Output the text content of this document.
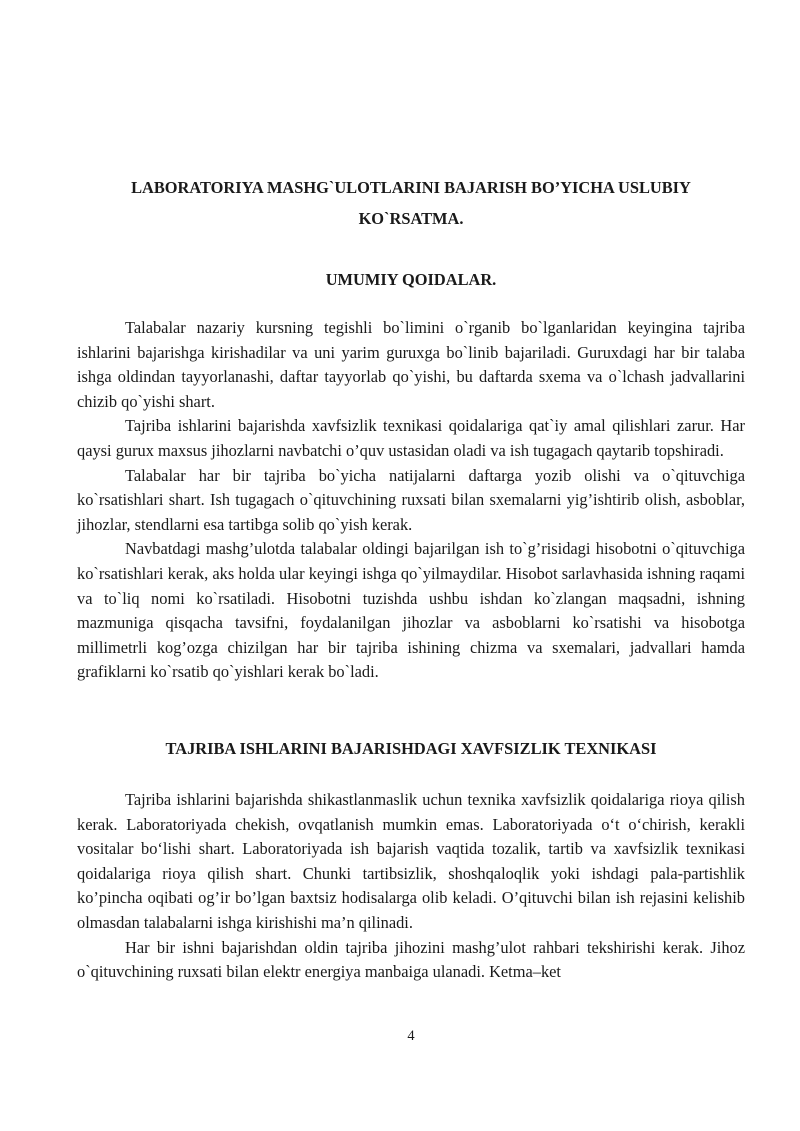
LABORATORIYA MASHG`ULOTLARINI BAJARISH BO’YICHA USLUBIY
KO`RSATMA.
UMUMIY QOIDALAR.

Talabalar nazariy kursning tegishli bo`limini o`rganib bo`lganlaridan keyingina tajriba ishlarini bajarishga kirishadilar va uni yarim guruxga bo`linib bajariladi. Guruxdagi har bir talaba ishga oldindan tayyorlanashi, daftar tayyorlab qo`yishi, bu daftarda sxema va o`lchash jadvallarini chizib qo`yishi shart.

Tajriba ishlarini bajarishda xavfsizlik texnikasi qoidalariga qat`iy amal qilishlari zarur. Har qaysi gurux maxsus jihozlarni navbatchi o’quv ustasidan oladi va ish tugagach qaytarib topshiradi.

Talabalar har bir tajriba bo`yicha natijalarni daftarga yozib olishi va o`qituvchiga ko`rsatishlari shart. Ish tugagach o`qituvchining ruxsati bilan sxemalarni yig’ishtirib olish, asboblar, jihozlar, stendlarni esa tartibga solib qo`yish kerak.

Navbatdagi mashg’ulotda talabalar oldingi bajarilgan ish to`g’risidagi hisobotni o`qituvchiga ko`rsatishlari kerak, aks holda ular keyingi ishga qo`yilmaydilar. Hisobot sarlavhasida ishning raqami va to`liq nomi ko`rsatiladi. Hisobotni tuzishda ushbu ishdan ko`zlangan maqsadni, ishning mazmuniga qisqacha tavsifni, foydalanilgan jihozlar va asboblarni ko`rsatishi va hisobotga millimetrli kog’ozga chizilgan har bir tajriba ishining chizma va sxemalari, jadvallari hamda grafiklarni ko`rsatib qo`yishlari kerak bo`ladi.

TAJRIBA ISHLARINI BAJARISHDAGI XAVFSIZLIK TEXNIKASI

Tajriba ishlarini bajarishda shikastlanmaslik uchun texnika xavfsizlik qoidalariga rioya qilish kerak. Laboratoriyada chekish, ovqatlanish mumkin emas. Laboratoriyada o‘t o‘chirish, kerakli vositalar bo‘lishi shart. Laboratoriyada ish bajarish vaqtida tozalik, tartib va xavfsizlik texnikasi qoidalariga rioya qilish shart. Chunki tartibsizlik, shoshqaloqlik yoki ishdagi pala-partishlik ko’pincha oqibati og’ir bo’lgan baxtsiz hodisalarga olib keladi. O’qituvchi bilan ish rejasini kelishib olmasdan talabalarni ishga kirishishi ma’n qilinadi.

Har bir ishni bajarishdan oldin tajriba jihozini mashg’ulot rahbari tekshirishi kerak. Jihoz o`qituvchining ruxsati bilan elektr energiya manbaiga ulanadi. Ketma–ket

4
